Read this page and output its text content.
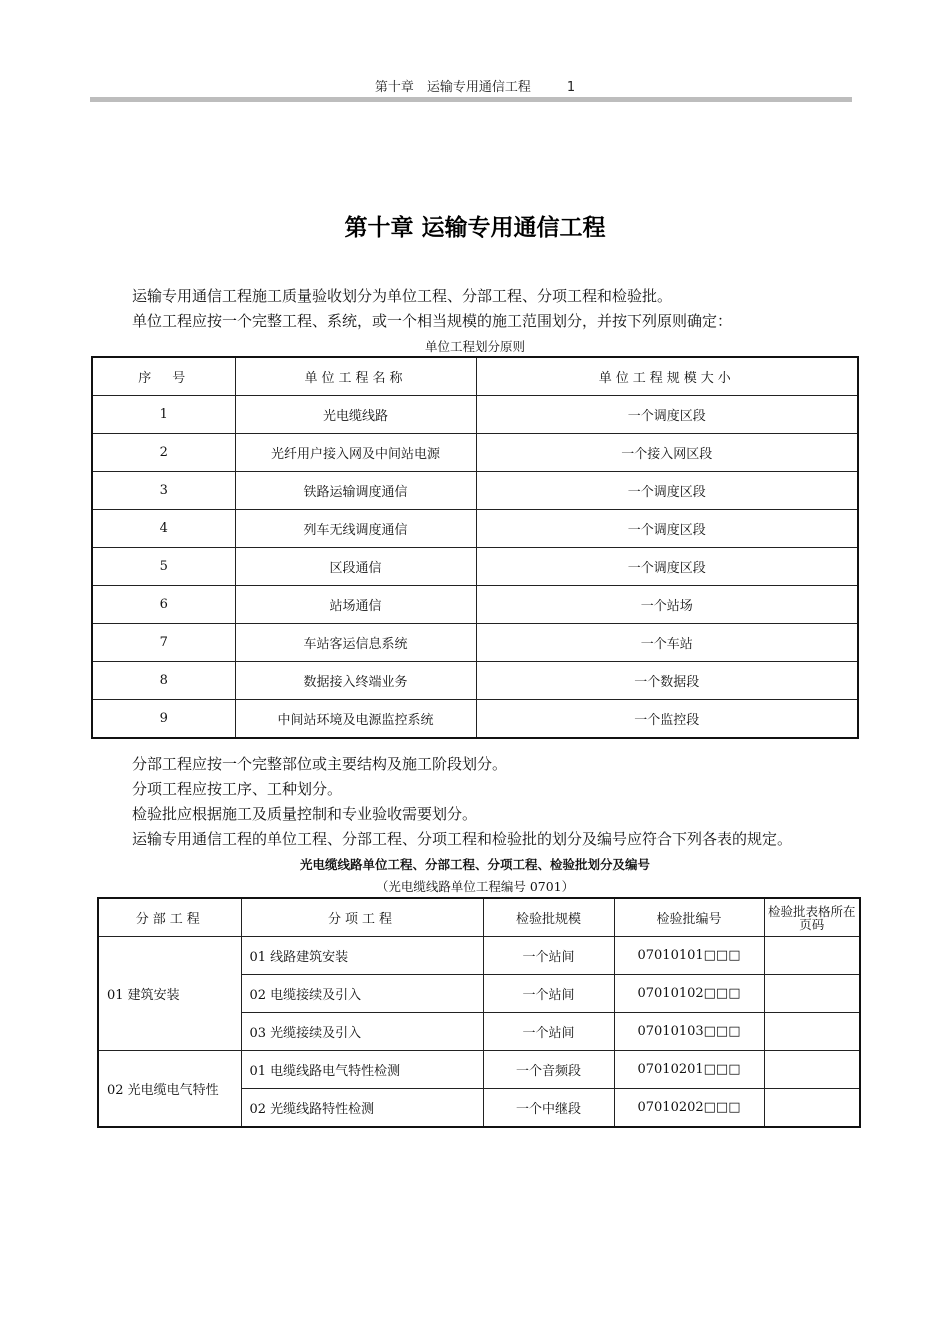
第十章　运输专用通信工程	1
第十章 运输专用通信工程
运输专用通信工程施工质量验收划分为单位工程、分部工程、分项工程和检验批。
单位工程应按一个完整工程、系统，或一个相当规模的施工范围划分，并按下列原则确定：
单位工程划分原则
序　号	单位工程名称	单位工程规模大小
1	光电缆线路	一个调度区段
2	光纤用户接入网及中间站电源	一个接入网区段
3	铁路运输调度通信	一个调度区段
4	列车无线调度通信	一个调度区段
5	区段通信	一个调度区段
6	站场通信	一个站场
7	车站客运信息系统	一个车站
8	数据接入终端业务	一个数据段
9	中间站环境及电源监控系统	一个监控段
分部工程应按一个完整部位或主要结构及施工阶段划分。
分项工程应按工序、工种划分。
检验批应根据施工及质量控制和专业验收需要划分。
运输专用通信工程的单位工程、分部工程、分项工程和检验批的划分及编号应符合下列各表的规定。
光电缆线路单位工程、分部工程、分项工程、检验批划分及编号
（光电缆线路单位工程编号 0701）
分部工程	分项工程	检验批规模	检验批编号	检验批表格所在页码
01 建筑安装	01 线路建筑安装	一个站间	07010101□□□	
	02 电缆接续及引入	一个站间	07010102□□□	
	03 光缆接续及引入	一个站间	07010103□□□	
02 光电缆电气特性	01 电缆线路电气特性检测	一个音频段	07010201□□□	
	02 光缆线路特性检测	一个中继段	07010202□□□	
